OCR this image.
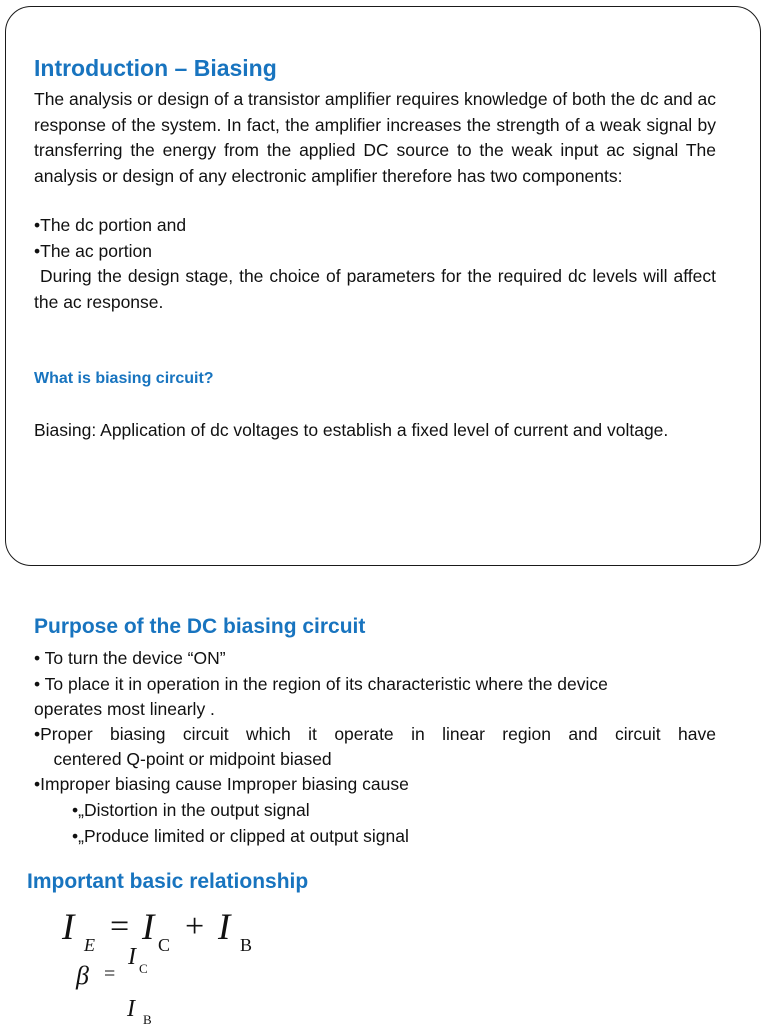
Introduction – Biasing

The analysis or design of a transistor amplifier requires knowledge of both the dc and ac response of the system. In fact, the amplifier increases the strength of a weak signal by transferring the energy from the applied DC source to the weak input ac signal The analysis or design of any electronic amplifier therefore has two components:

•The dc portion and

•The ac portion

During the design stage, the choice of parameters for the required dc levels will affect the ac response.

What is biasing circuit?

Biasing: Application of dc voltages to establish a fixed level of current and voltage.

Purpose of the DC biasing circuit

• To turn the device “ON”

• To place it in operation in the region of its characteristic where the device

operates most linearly .

•Proper biasing circuit which it operate in linear region and circuit have

centered Q-point or midpoint biased

•Improper biasing cause Improper biasing cause

•„Distortion in the output signal

•„Produce limited or clipped at output signal

Important basic relationship
I E = I C + I B
β =
I C
I B
